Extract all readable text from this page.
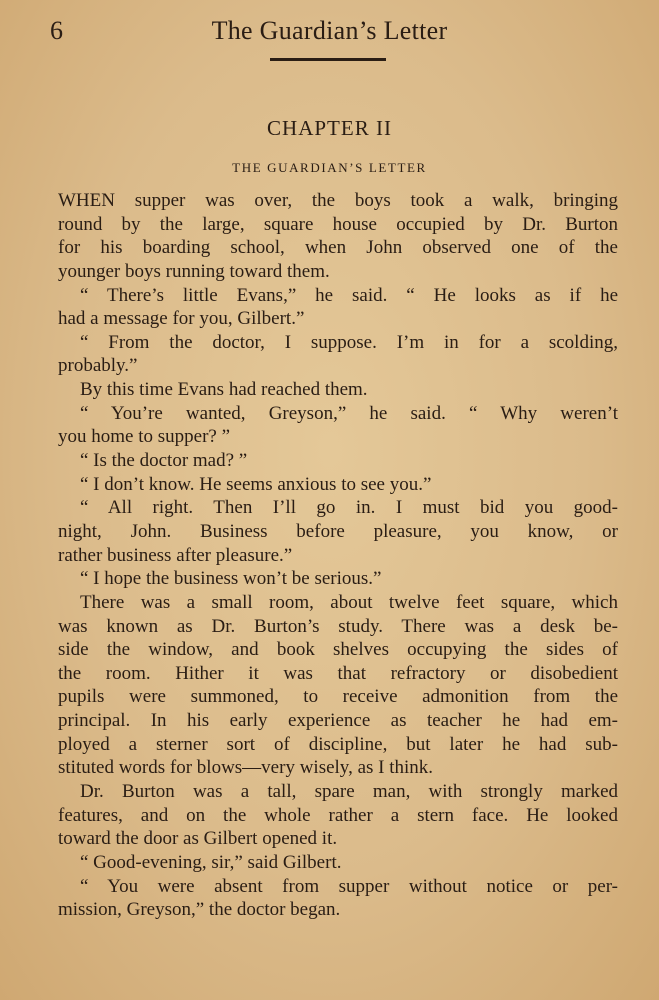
6	The Guardian’s Letter
CHAPTER II
THE GUARDIAN’S LETTER
WHEN supper was over, the boys took a walk, bringing
round by the large, square house occupied by Dr. Burton
for his boarding school, when John observed one of the
younger boys running toward them.
“ There’s little Evans,” he said. “ He looks as if he
had a message for you, Gilbert.”
“ From the doctor, I suppose. I’m in for a scolding,
probably.”
By this time Evans had reached them.
“ You’re wanted, Greyson,” he said. “ Why weren’t
you home to supper? ”
“ Is the doctor mad? ”
“ I don’t know. He seems anxious to see you.”
“ All right. Then I’ll go in. I must bid you good-
night, John. Business before pleasure, you know, or
rather business after pleasure.”
“ I hope the business won’t be serious.”
There was a small room, about twelve feet square, which
was known as Dr. Burton’s study. There was a desk be-
side the window, and book shelves occupying the sides of
the room. Hither it was that refractory or disobedient
pupils were summoned, to receive admonition from the
principal. In his early experience as teacher he had em-
ployed a sterner sort of discipline, but later he had sub-
stituted words for blows—very wisely, as I think.
Dr. Burton was a tall, spare man, with strongly marked
features, and on the whole rather a stern face. He looked
toward the door as Gilbert opened it.
“ Good-evening, sir,” said Gilbert.
“ You were absent from supper without notice or per-
mission, Greyson,” the doctor began.
